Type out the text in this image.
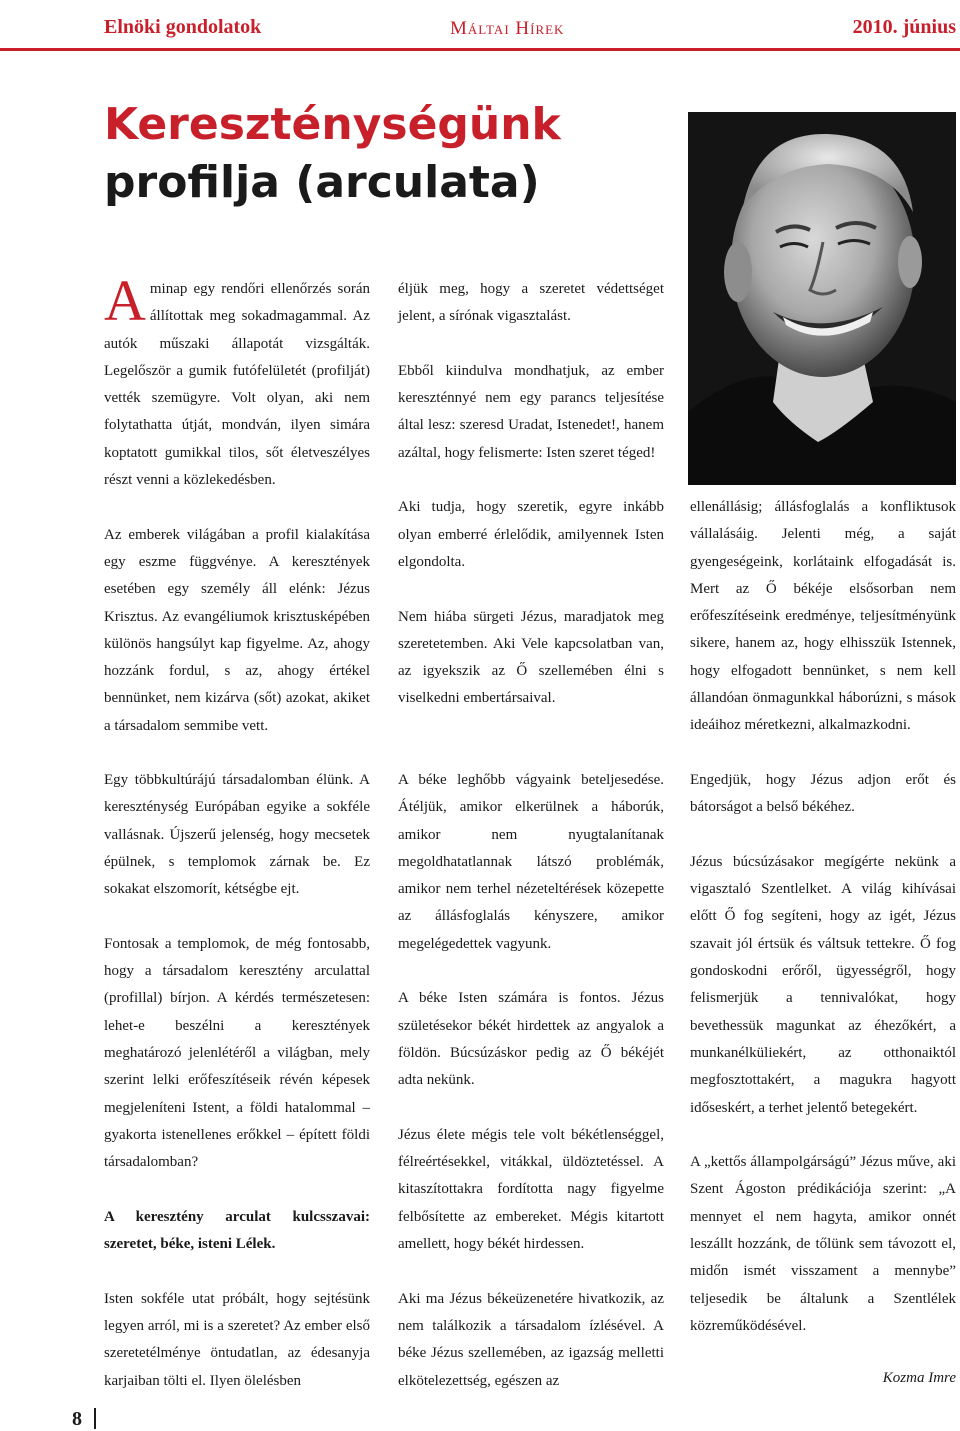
Elnöki gondolatok	Máltai Hírek	2010. június
Kereszténységünk
profilja (arculata)

Aminap egy rendőri ellenőrzés során állítottak meg sokadmagammal. Az autók műszaki állapotát vizsgálták. Legelőször a gumik futófelületét (profilját) vették szemügyre. Volt olyan, aki nem folytathatta útját, mondván, ilyen simára koptatott gumikkal tilos, sőt életveszélyes részt venni a közlekedésben.

Az emberek világában a profil kialakítása egy eszme függvénye. A keresztények esetében egy személy áll elénk: Jézus Krisztus. Az evangéliumok krisztusképében különös hangsúlyt kap figyelme. Az, ahogy hozzánk fordul, s az, ahogy értékel bennünket, nem kizárva (sőt) azokat, akiket a társadalom semmibe vett.

Egy többkultúrájú társadalomban élünk. A kereszténység Európában egyike a sokféle vallásnak. Újszerű jelenség, hogy mecsetek épülnek, s templomok zárnak be. Ez sokakat elszomorít, kétségbe ejt.

Fontosak a templomok, de még fontosabb, hogy a társadalom keresztény arculattal (profillal) bírjon. A kérdés természetesen: lehet-e beszélni a keresztények meghatározó jelenlétéről a világban, mely szerint lelki erőfeszítéseik révén képesek megjeleníteni Istent, a földi hatalommal – gyakorta istenellenes erőkkel – épített földi társadalomban?

A keresztény arculat kulcsszavai: szeretet, béke, isteni Lélek.

Isten sokféle utat próbált, hogy sejtésünk legyen arról, mi is a szeretet? Az ember első szeretetélménye öntudatlan, az édesanyja karjaiban tölti el. Ilyen ölelésben

éljük meg, hogy a szeretet védettséget jelent, a sírónak vigasztalást.

Ebből kiindulva mondhatjuk, az ember kereszténnyé nem egy parancs teljesítése által lesz: szeresd Uradat, Istenedet!, hanem azáltal, hogy felismerte: Isten szeret téged!

Aki tudja, hogy szeretik, egyre inkább olyan emberré érlelődik, amilyennek Isten elgondolta.

Nem hiába sürgeti Jézus, maradjatok meg szeretetemben. Aki Vele kapcsolatban van, az igyekszik az Ő szellemében élni s viselkedni embertársaival.

A béke leghőbb vágyaink beteljesedése. Átéljük, amikor elkerülnek a háborúk, amikor nem nyugtalanítanak megoldhatatlannak látszó problémák, amikor nem terhel nézeteltérések közepette az állásfoglalás kényszere, amikor megelégedettek vagyunk.

A béke Isten számára is fontos. Jézus születésekor békét hirdettek az angyalok a földön. Búcsúzáskor pedig az Ő békéjét adta nekünk.

Jézus élete mégis tele volt békétlenséggel, félreértésekkel, vitákkal, üldöztetéssel. A kitaszítottakra fordította nagy figyelme felbősítette az embereket. Mégis kitartott amellett, hogy békét hirdessen.

Aki ma Jézus békeüzenetére hivatkozik, az nem találkozik a társadalom ízlésével. A béke Jézus szellemében, az igazság melletti elkötelezettség, egészen az

ellenállásig; állásfoglalás a konfliktusok vállalásáig. Jelenti még, a saját gyengeségeink, korlátaink elfogadását is. Mert az Ő békéje elsősorban nem erőfeszítéseink eredménye, teljesítményünk sikere, hanem az, hogy elhisszük Istennek, hogy elfogadott bennünket, s nem kell állandóan önmagunkkal háborúzni, s mások ideáihoz méretkezni, alkalmazkodni.

Engedjük, hogy Jézus adjon erőt és bátorságot a belső békéhez.

Jézus búcsúzásakor megígérte nekünk a vigasztaló Szentlelket. A világ kihívásai előtt Ő fog segíteni, hogy az igét, Jézus szavait jól értsük és váltsuk tettekre. Ő fog gondoskodni erőről, ügyességről, hogy felismerjük a tennivalókat, hogy bevethessük magunkat az éhezőkért, a munkanélküliekért, az otthonaiktól megfosztottakért, a magukra hagyott időseskért, a terhet jelentő betegekért.

A „kettős állampolgárságú” Jézus műve, aki Szent Ágoston prédikációja szerint: „A mennyet el nem hagyta, amikor onnét leszállt hozzánk, de tőlünk sem távozott el, midőn ismét visszament a mennybe” teljesedik be általunk a Szentlélek közreműködésével.

Kozma Imre
8
